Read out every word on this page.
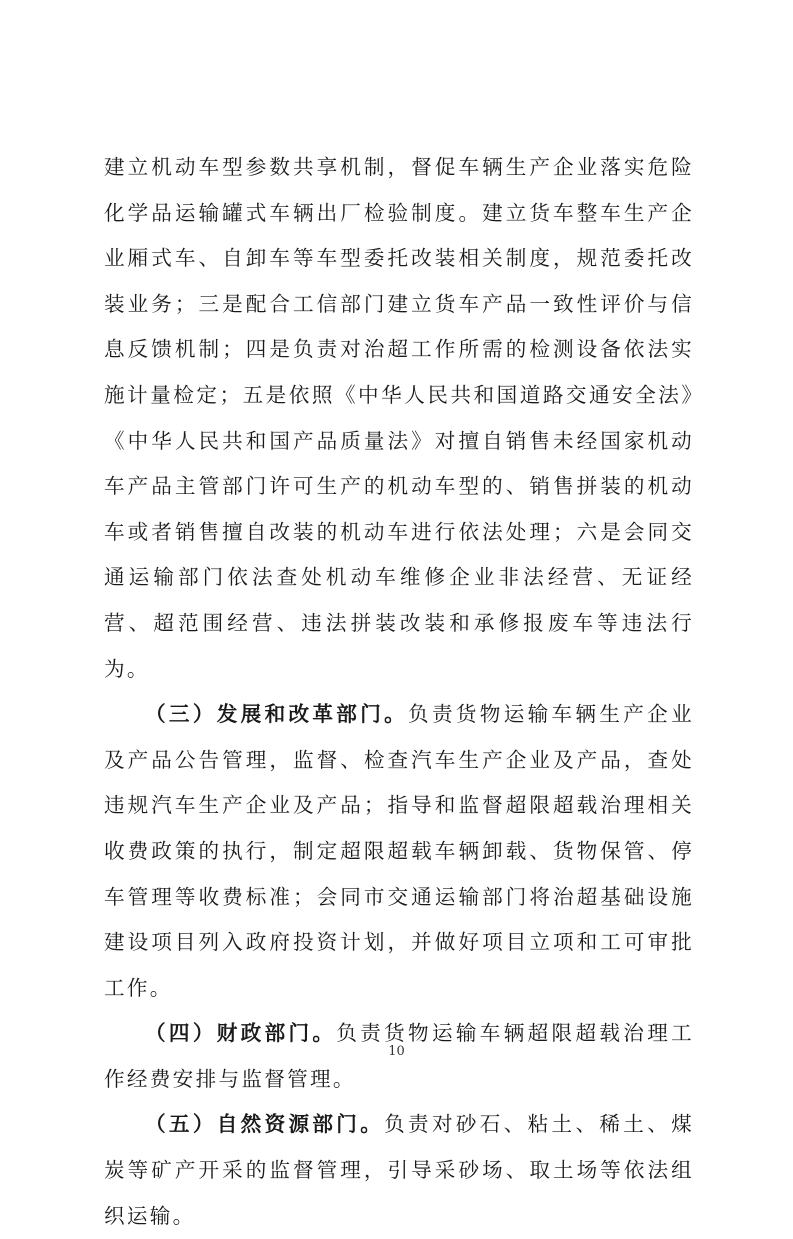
建立机动车型参数共享机制，督促车辆生产企业落实危险化学品运输罐式车辆出厂检验制度。建立货车整车生产企业厢式车、自卸车等车型委托改装相关制度，规范委托改装业务；三是配合工信部门建立货车产品一致性评价与信息反馈机制；四是负责对治超工作所需的检测设备依法实施计量检定；五是依照《中华人民共和国道路交通安全法》《中华人民共和国产品质量法》对擅自销售未经国家机动车产品主管部门许可生产的机动车型的、销售拼装的机动车或者销售擅自改装的机动车进行依法处理；六是会同交通运输部门依法查处机动车维修企业非法经营、无证经营、超范围经营、违法拼装改装和承修报废车等违法行为。

（三）发展和改革部门。负责货物运输车辆生产企业及产品公告管理，监督、检查汽车生产企业及产品，查处违规汽车生产企业及产品；指导和监督超限超载治理相关收费政策的执行，制定超限超载车辆卸载、货物保管、停车管理等收费标准；会同市交通运输部门将治超基础设施建设项目列入政府投资计划，并做好项目立项和工可审批工作。

（四）财政部门。负责货物运输车辆超限超载治理工作经费安排与监督管理。

（五）自然资源部门。负责对砂石、粘土、稀土、煤炭等矿产开采的监督管理，引导采砂场、取土场等依法组织运输。

10
